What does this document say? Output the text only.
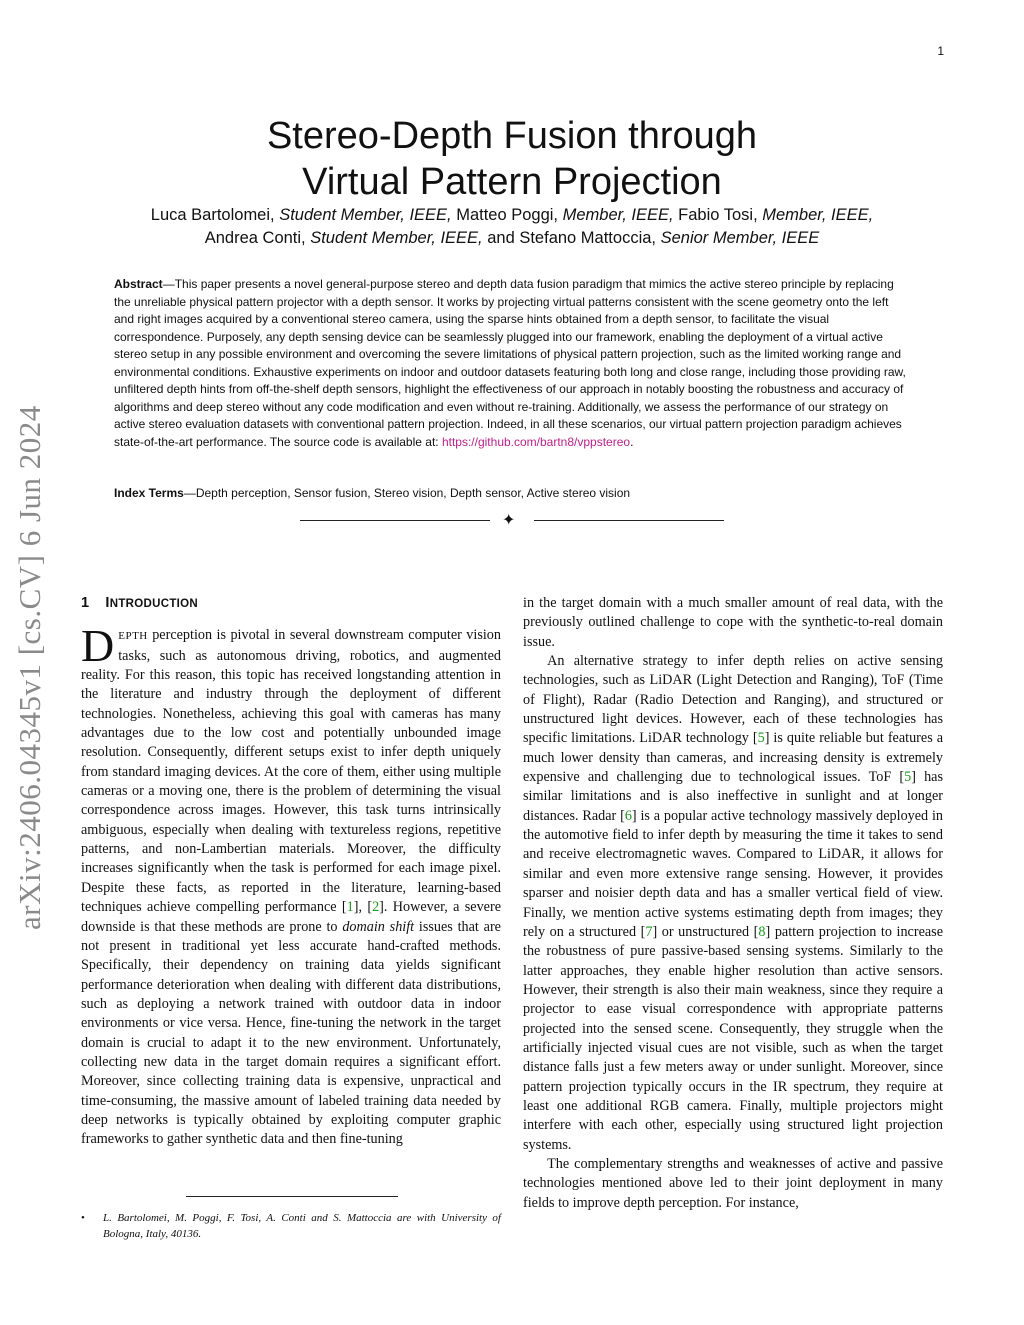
1
arXiv:2406.04345v1 [cs.CV] 6 Jun 2024
Stereo-Depth Fusion through
Virtual Pattern Projection
Luca Bartolomei, Student Member, IEEE, Matteo Poggi, Member, IEEE, Fabio Tosi, Member, IEEE,
Andrea Conti, Student Member, IEEE, and Stefano Mattoccia, Senior Member, IEEE
Abstract—This paper presents a novel general-purpose stereo and depth data fusion paradigm that mimics the active stereo principle by replacing the unreliable physical pattern projector with a depth sensor. It works by projecting virtual patterns consistent with the scene geometry onto the left and right images acquired by a conventional stereo camera, using the sparse hints obtained from a depth sensor, to facilitate the visual correspondence. Purposely, any depth sensing device can be seamlessly plugged into our framework, enabling the deployment of a virtual active stereo setup in any possible environment and overcoming the severe limitations of physical pattern projection, such as the limited working range and environmental conditions. Exhaustive experiments on indoor and outdoor datasets featuring both long and close range, including those providing raw, unfiltered depth hints from off-the-shelf depth sensors, highlight the effectiveness of our approach in notably boosting the robustness and accuracy of algorithms and deep stereo without any code modification and even without re-training. Additionally, we assess the performance of our strategy on active stereo evaluation datasets with conventional pattern projection. Indeed, in all these scenarios, our virtual pattern projection paradigm achieves state-of-the-art performance. The source code is available at: https://github.com/bartn8/vppstereo.
Index Terms—Depth perception, Sensor fusion, Stereo vision, Depth sensor, Active stereo vision
✦
1 INTRODUCTION

DEPTH perception is pivotal in several downstream computer vision tasks, such as autonomous driving, robotics, and augmented reality. For this reason, this topic has received longstanding attention in the literature and industry through the deployment of different technologies. Nonetheless, achieving this goal with cameras has many advantages due to the low cost and potentially unbounded image resolution. Consequently, different setups exist to infer depth uniquely from standard imaging devices. At the core of them, either using multiple cameras or a moving one, there is the problem of determining the visual correspondence across images. However, this task turns intrinsically ambiguous, especially when dealing with textureless regions, repetitive patterns, and non-Lambertian materials. Moreover, the difficulty increases significantly when the task is performed for each image pixel. Despite these facts, as reported in the literature, learning-based techniques achieve compelling performance [1], [2]. However, a severe downside is that these methods are prone to domain shift issues that are not present in traditional yet less accurate hand-crafted methods. Specifically, their dependency on training data yields significant performance deterioration when dealing with different data distributions, such as deploying a network trained with outdoor data in indoor environments or vice versa. Hence, fine-tuning the network in the target domain is crucial to adapt it to the new environment. Unfortunately, collecting new data in the target domain requires a significant effort. Moreover, since collecting training data is expensive, unpractical and time-consuming, the massive amount of labeled training data needed by deep networks is typically obtained by exploiting computer graphic frameworks to gather synthetic data and then fine-tuning

in the target domain with a much smaller amount of real data, with the previously outlined challenge to cope with the synthetic-to-real domain issue.

An alternative strategy to infer depth relies on active sensing technologies, such as LiDAR (Light Detection and Ranging), ToF (Time of Flight), Radar (Radio Detection and Ranging), and structured or unstructured light devices. However, each of these technologies has specific limitations. LiDAR technology [5] is quite reliable but features a much lower density than cameras, and increasing density is extremely expensive and challenging due to technological issues. ToF [5] has similar limitations and is also ineffective in sunlight and at longer distances. Radar [6] is a popular active technology massively deployed in the automotive field to infer depth by measuring the time it takes to send and receive electromagnetic waves. Compared to LiDAR, it allows for similar and even more extensive range sensing. However, it provides sparser and noisier depth data and has a smaller vertical field of view. Finally, we mention active systems estimating depth from images; they rely on a structured [7] or unstructured [8] pattern projection to increase the robustness of pure passive-based sensing systems. Similarly to the latter approaches, they enable higher resolution than active sensors. However, their strength is also their main weakness, since they require a projector to ease visual correspondence with appropriate patterns projected into the sensed scene. Consequently, they struggle when the artificially injected visual cues are not visible, such as when the target distance falls just a few meters away or under sunlight. Moreover, since pattern projection typically occurs in the IR spectrum, they require at least one additional RGB camera. Finally, multiple projectors might interfere with each other, especially using structured light projection systems.

The complementary strengths and weaknesses of active and passive technologies mentioned above led to their joint deployment in many fields to improve depth perception. For instance,

• L. Bartolomei, M. Poggi, F. Tosi, A. Conti and S. Mattoccia are with University of Bologna, Italy, 40136.
